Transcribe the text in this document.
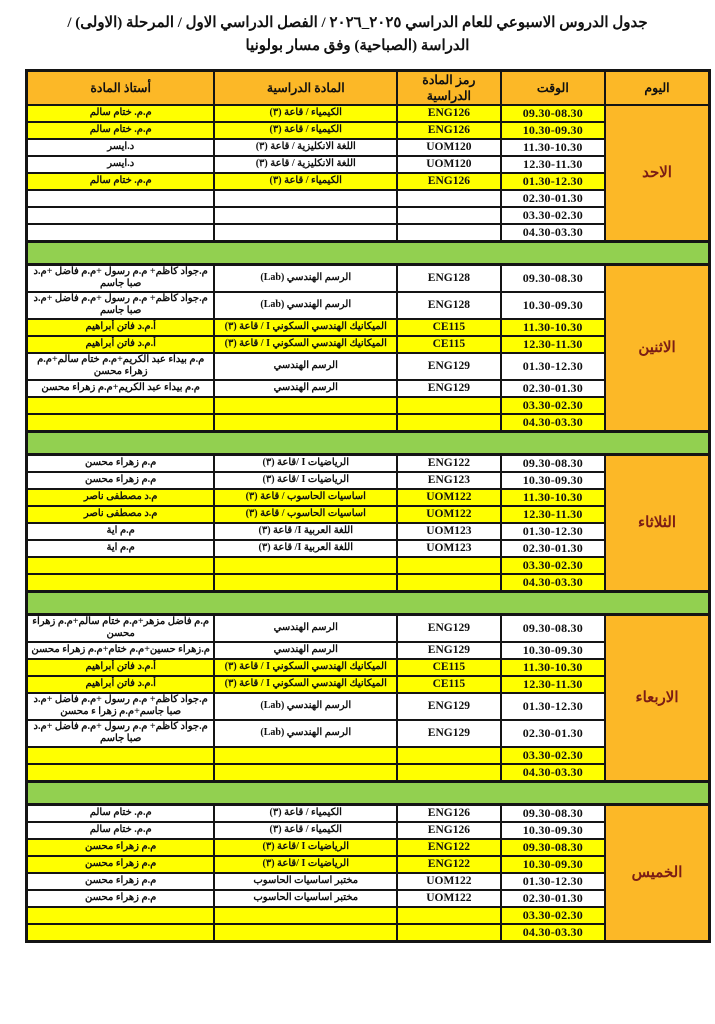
جدول الدروس الاسبوعي للعام الدراسي ٢٠٢٥_٢٠٢٦ / الفصل الدراسي الاول / المرحلة (الاولى) /
الدراسة (الصباحية) وفق مسار بولونيا
اليوم	الوقت	رمز المادة الدراسية	المادة الدراسية	أستاذ المادة
الاحد	09.30-08.30	ENG126	الكيمياء / قاعة (٣)	م.م. ختام سالم
	10.30-09.30	ENG126	الكيمياء / قاعة (٣)	م.م. ختام سالم
	11.30-10.30	UOM120	اللغة الانكليزية / قاعة (٣)	د.ايسر
	12.30-11.30	UOM120	اللغة الانكليزية / قاعة (٣)	د.ايسر
	01.30-12.30	ENG126	الكيمياء / قاعة (٣)	م.م. ختام سالم
	02.30-01.30			
	03.30-02.30			
	04.30-03.30			

الاثنين	09.30-08.30	ENG128	الرسم الهندسي (Lab)	م.جواد كاظم+ م.م رسول +م.م فاضل +م.د صبا جاسم
	10.30-09.30	ENG128	الرسم الهندسي (Lab)	م.جواد كاظم+ م.م رسول +م.م فاضل +م.د صبا جاسم
	11.30-10.30	CE115	الميكانيك الهندسي السكوني I / قاعة (٣)	أ.م.د فاتن أبراهيم
	12.30-11.30	CE115	الميكانيك الهندسي السكوني I / قاعة (٣)	أ.م.د فاتن أبراهيم
	01.30-12.30	ENG129	الرسم الهندسي	م.م بيداء عبد الكريم+م.م ختام سالم+م.م زهراء محسن
	02.30-01.30	ENG129	الرسم الهندسي	م.م بيداء عبد الكريم+م.م زهراء محسن
	03.30-02.30			
	04.30-03.30			

الثلاثاء	09.30-08.30	ENG122	الرياضيات I /قاعة (٣)	م.م زهراء محسن
	10.30-09.30	ENG123	الرياضيات I /قاعة (٣)	م.م زهراء محسن
	11.30-10.30	UOM122	اساسيات الحاسوب / قاعة (٣)	م.د مصطفى ناصر
	12.30-11.30	UOM122	اساسيات الحاسوب / قاعة (٣)	م.د مصطفى ناصر
	01.30-12.30	UOM123	اللغة العربية I/ قاعة (٣)	م.م اية
	02.30-01.30	UOM123	اللغة العربية I/ قاعة (٣)	م.م اية
	03.30-02.30			
	04.30-03.30			

الاربعاء	09.30-08.30	ENG129	الرسم الهندسي	م.م فاضل مزهر+م.م ختام سالم+م.م زهراء محسن
	10.30-09.30	ENG129	الرسم الهندسي	م.زهراء حسين+م.م ختام+م.م زهراء محسن
	11.30-10.30	CE115	الميكانيك الهندسي السكوني I / قاعة (٣)	أ.م.د فاتن أبراهيم
	12.30-11.30	CE115	الميكانيك الهندسي السكوني I / قاعة (٣)	أ.م.د فاتن أبراهيم
	01.30-12.30	ENG129	الرسم الهندسي (Lab)	م.جواد كاظم+ م.م رسول +م.م فاضل +م.د صبا جاسم+م.م زهرا ء محسن
	02.30-01.30	ENG129	الرسم الهندسي (Lab)	م.جواد كاظم+ م.م رسول +م.م فاضل +م.د صبا جاسم
	03.30-02.30			
	04.30-03.30			

الخميس	09.30-08.30	ENG126	الكيمياء / قاعة (٣)	م.م. ختام سالم
	10.30-09.30	ENG126	الكيمياء / قاعة (٣)	م.م. ختام سالم
	09.30-08.30	ENG122	الرياضيات I /قاعة (٣)	م.م زهراء محسن
	10.30-09.30	ENG122	الرياضيات I /قاعة (٣)	م.م زهراء محسن
	01.30-12.30	UOM122	مختبر اساسيات الحاسوب	م.م زهراء محسن
	02.30-01.30	UOM122	مختبر اساسيات الحاسوب	م.م زهراء محسن
	03.30-02.30			
	04.30-03.30			
